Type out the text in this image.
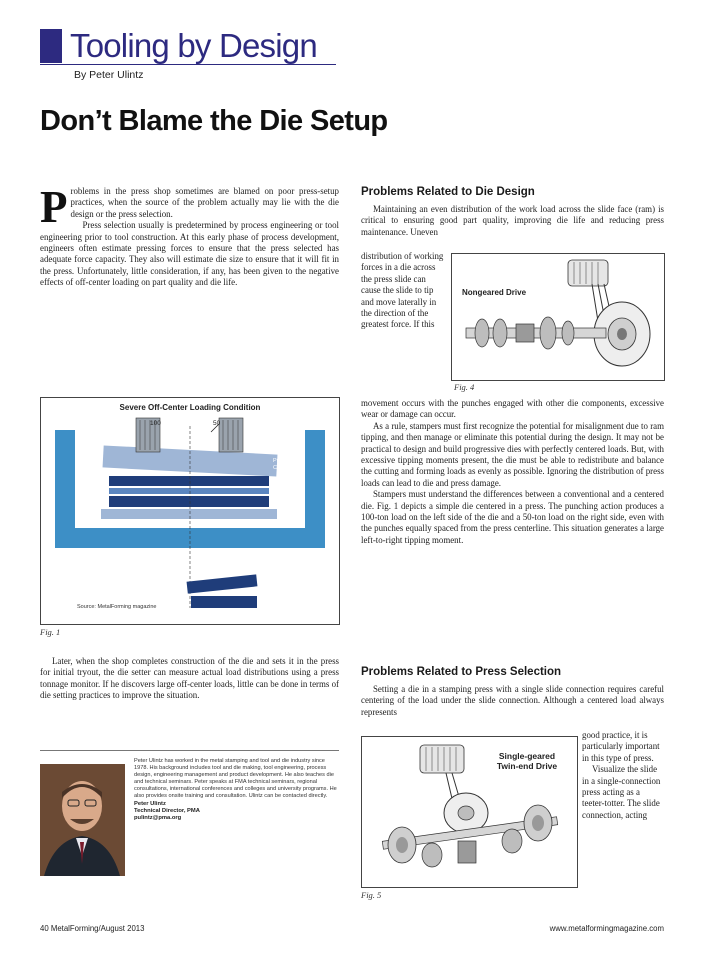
Tooling by Design
By Peter Ulintz
Don’t Blame the Die Setup

Problems in the press shop sometimes are blamed on poor press-setup practices, when the source of the problem actually may lie with the die design or the press selection.

Press selection usually is predetermined by process engineering or tool engineering prior to tool construction. At this early phase of process development, engineers often estimate pressing forces to ensure that the press selected has adequate force capacity. They also will estimate die size to ensure that it will fit in the press. Unfortunately, little consideration, if any, has been given to the negative effects of off-center loading on part quality and die life.

Severe Off-Center Loading Condition
100	50
Press Centerline
Press Centerline
Source: MetalForming magazine
Fig. 1

Later, when the shop completes construction of the die and sets it in the press for initial tryout, the die setter can measure actual load distributions using a press tonnage monitor. If he discovers large off-center loads, little can be done in terms of die setting practices to improve the situation.

Peter Ulintz has worked in the metal stamping and tool and die industry since 1978. His background includes tool and die making, tool engineering, process design, engineering management and product development. He also teaches die and technical seminars. Peter speaks at FMA technical seminars, regional consultations, international conferences and colleges and university programs. He also provides onsite training and consultation. Ulintz can be contacted directly.
Peter Ulintz
Technical Director, PMA
pulintz@pma.org
Problems Related to Die Design

Maintaining an even distribution of the work load across the slide face (ram) is critical to ensuring good part quality, improving die life and reducing press maintenance. Uneven

distribution of working forces in a die across the press slide can cause the slide to tip and move laterally in the direction of the greatest force. If this

Nongeared Drive
Fig. 4

movement occurs with the punches engaged with other die components, excessive wear or damage can occur.

As a rule, stampers must first recognize the potential for misalignment due to ram tipping, and then manage or eliminate this potential during the design. It may not be practical to design and build progressive dies with perfectly centered loads. But, with excessive tipping moments present, the die must be able to redistribute and balance the cutting and forming loads as evenly as possible. Ignoring the distribution of press loads can lead to die and press damage.

Stampers must understand the differences between a conventional and a centered die. Fig. 1 depicts a simple die centered in a press. The punching action produces a 100-ton load on the left side of the die and a 50-ton load on the right side, even with the punches equally spaced from the press centerline. This situation generates a large left-to-right tipping moment.

Problems Related to Press Selection

Setting a die in a stamping press with a single slide connection requires careful centering of the load under the slide connection. Although a centered load always represents

Single-geared
Twin-end Drive
Fig. 5

good practice, it is particularly important in this type of press.

Visualize the slide in a single-connection press acting as a teeter-totter. The slide connection, acting

40 MetalForming/August 2013	www.metalformingmagazine.com
